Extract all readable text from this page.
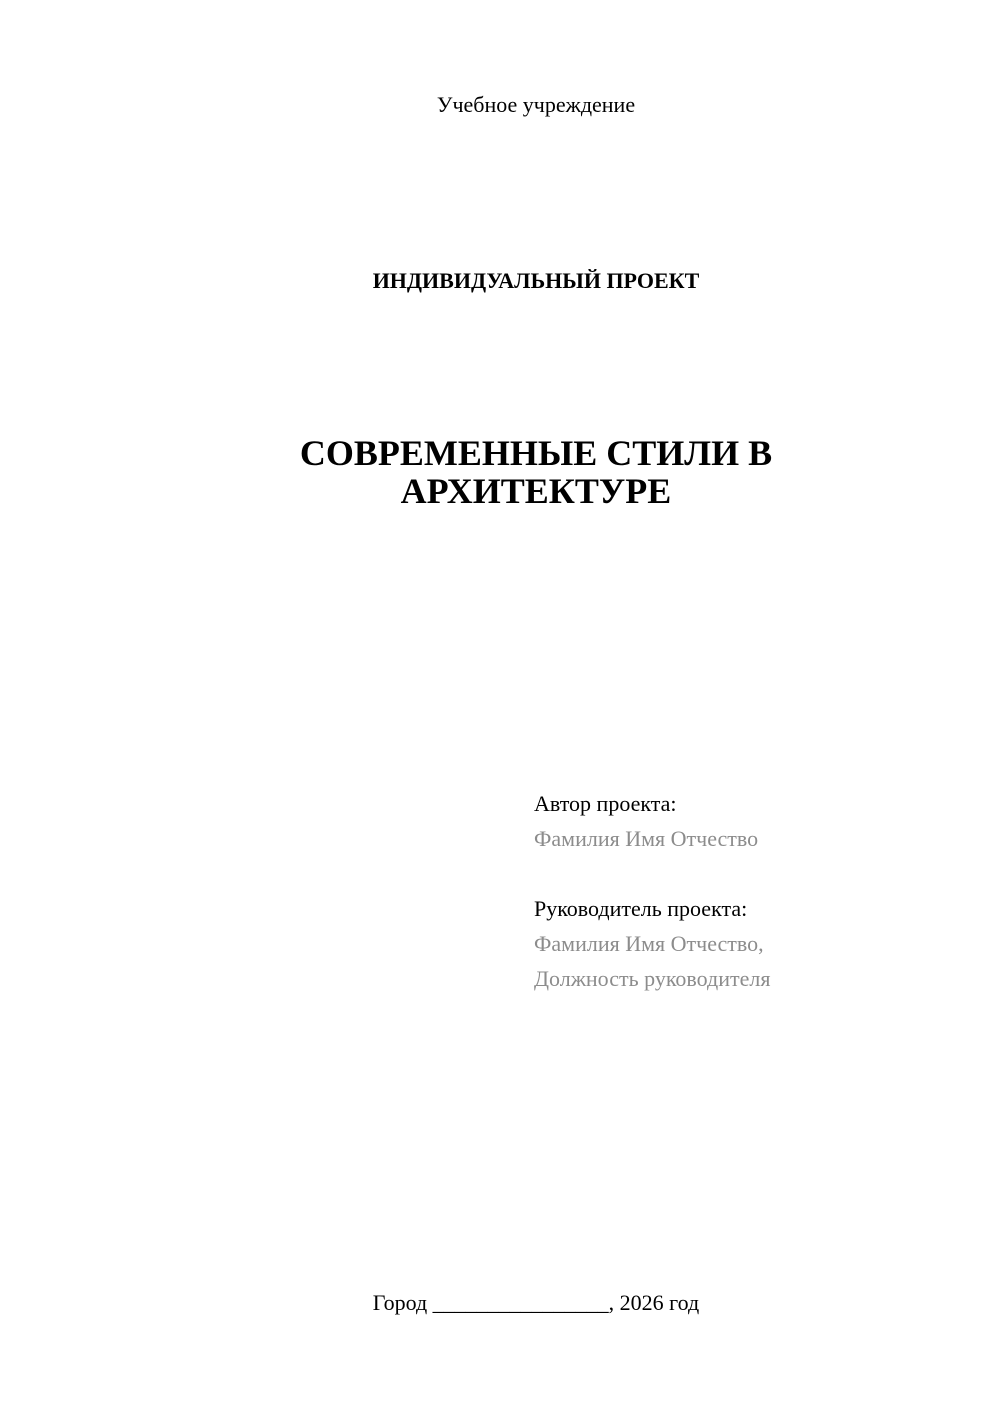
Учебное учреждение
ИНДИВИДУАЛЬНЫЙ ПРОЕКТ
СОВРЕМЕННЫЕ СТИЛИ В АРХИТЕКТУРЕ
Автор проекта:
Фамилия Имя Отчество
Руководитель проекта:
Фамилия Имя Отчество,
Должность руководителя
Город ________________, 2026 год
